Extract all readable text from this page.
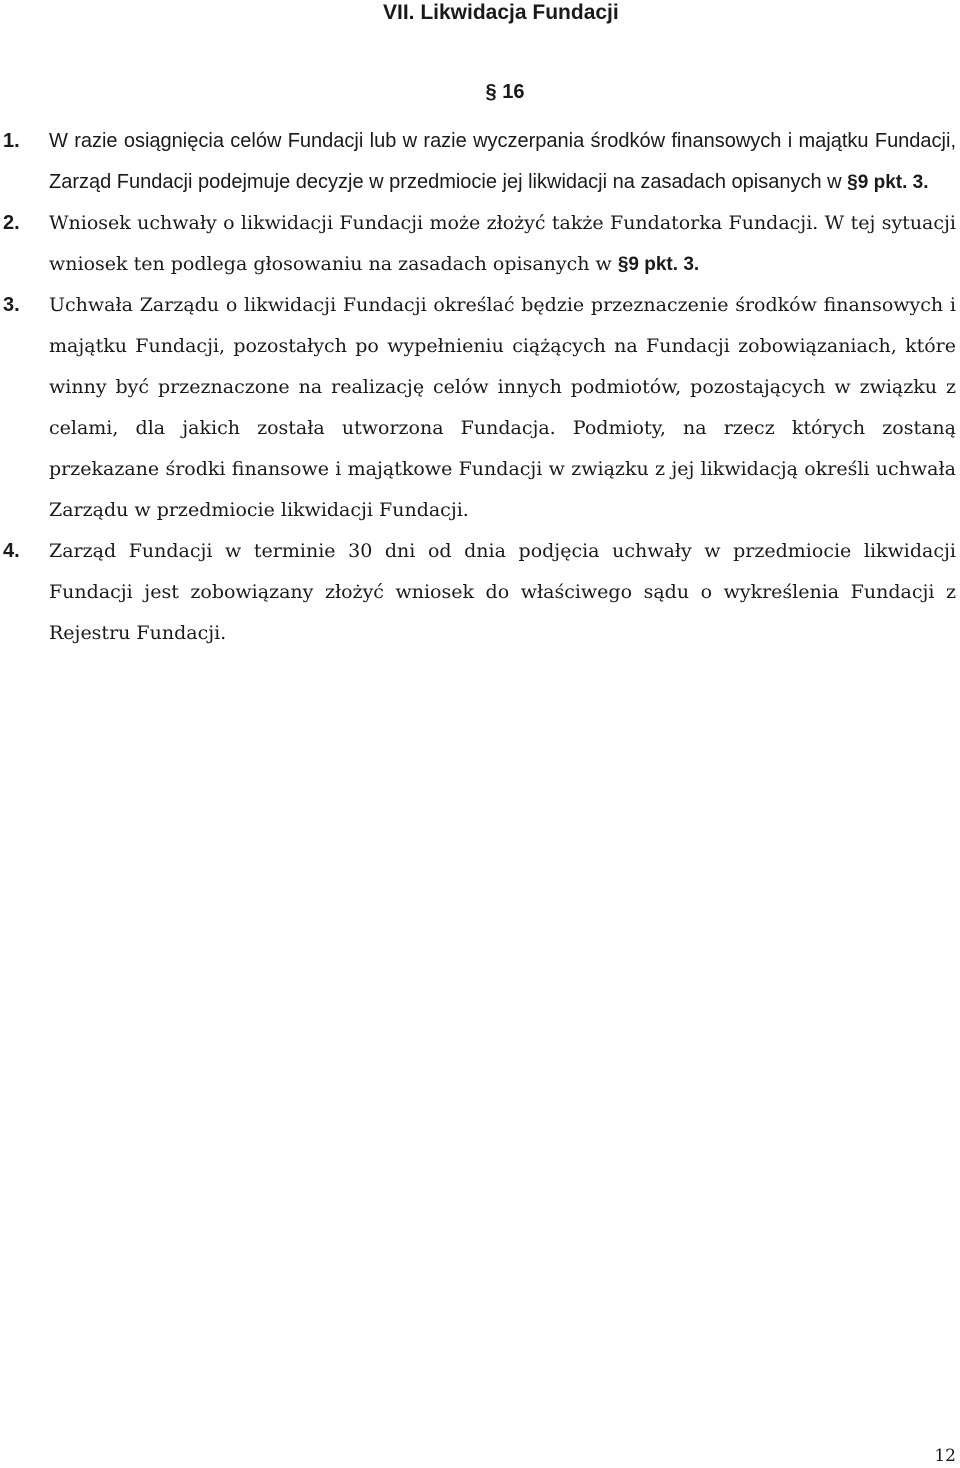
VII. Likwidacja Fundacji
§ 16
1. W razie osiągnięcia celów Fundacji lub w razie wyczerpania środków finansowych i majątku Fundacji, Zarząd Fundacji podejmuje decyzje w przedmiocie jej likwidacji na zasadach opisanych w §9 pkt. 3.
2. Wniosek uchwały o likwidacji Fundacji może złożyć także Fundatorka Fundacji. W tej sytuacji wniosek ten podlega głosowaniu na zasadach opisanych w §9 pkt. 3.
3. Uchwała Zarządu o likwidacji Fundacji określać będzie przeznaczenie środków finansowych i majątku Fundacji, pozostałych po wypełnieniu ciążących na Fundacji zobowiązaniach, które winny być przeznaczone na realizację celów innych podmiotów, pozostających w związku z celami, dla jakich została utworzona Fundacja. Podmioty, na rzecz których zostaną przekazane środki finansowe i majątkowe Fundacji w związku z jej likwidacją określi uchwała Zarządu w przedmiocie likwidacji Fundacji.
4. Zarząd Fundacji w terminie 30 dni od dnia podjęcia uchwały w przedmiocie likwidacji Fundacji jest zobowiązany złożyć wniosek do właściwego sądu o wykreślenia Fundacji z Rejestru Fundacji.

12
